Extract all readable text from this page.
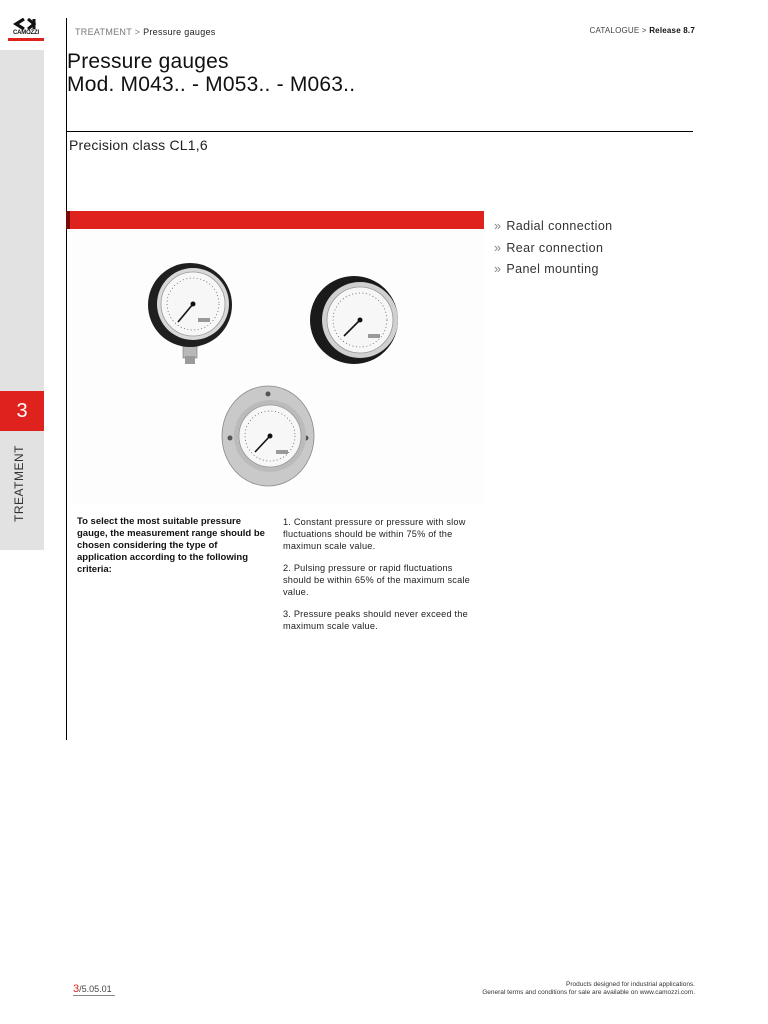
CAMOZZI
3
TREATMENT
TREATMENT > Pressure gauges	CATALOGUE > Release 8.7
Pressure gauges
Mod. M043.. - M053.. - M063..
Precision class CL1,6
» Radial connection
» Rear connection
» Panel mounting
To select the most suitable pressure gauge, the measurement range should be chosen considering the type of application according to the following criteria:

1. Constant pressure or pressure with slow fluctuations should be within 75% of the maximun scale value.

2. Pulsing pressure or rapid fluctuations should be within 65% of the maximum scale value.

3. Pressure peaks should never exceed the maximum scale value.

3/5.05.01	Products designed for industrial applications.
General terms and conditions for sale are available on www.camozzi.com.
